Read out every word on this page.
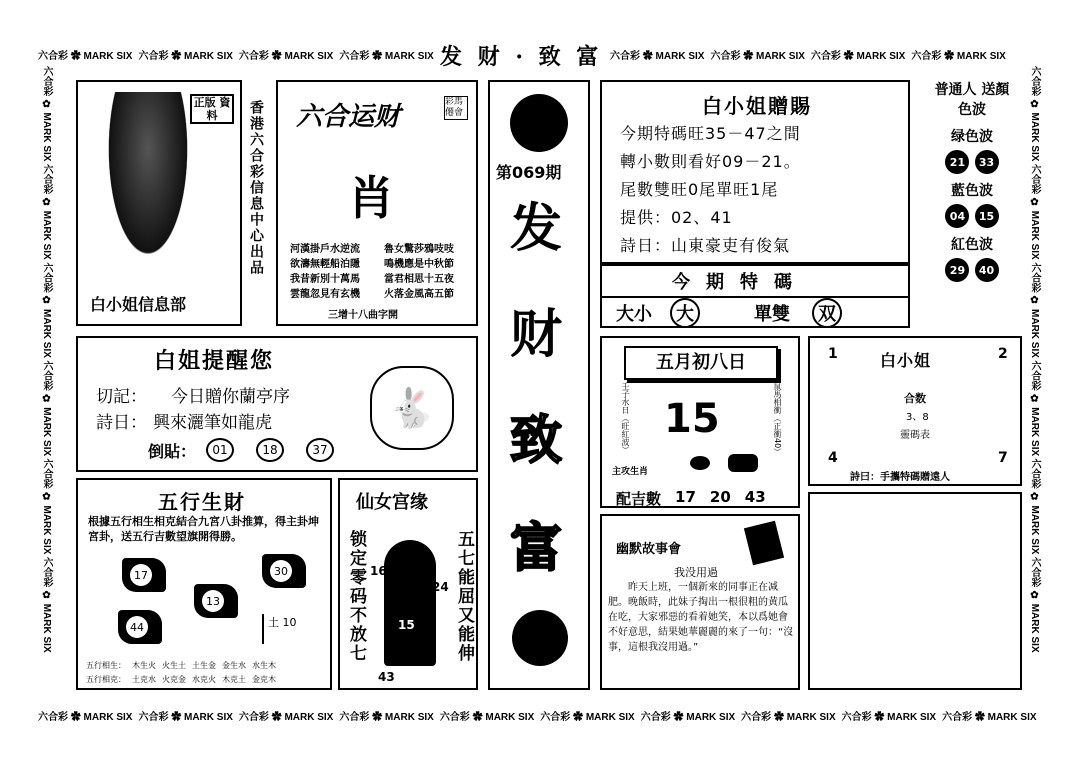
六合彩 ✿ MARK SIX 六合彩 ✿ MARK SIX 六合彩 ✿ MARK SIX 六合彩 ✿ MARK SIX 发 财 · 致 富 六合彩 ✿ MARK SIX 六合彩 ✿ MARK SIX 六合彩 ✿ MARK SIX 六合彩 ✿ MARK SIX
六合彩 ✿ MARK SIX 六合彩 ✿ MARK SIX 六合彩 ✿ MARK SIX 六合彩 ✿ MARK SIX 六合彩 ✿ MARK SIX 六合彩 ✿ MARK SIX 六合彩 ✿ MARK SIX 六合彩 ✿ MARK SIX 六合彩 ✿ MARK SIX 六合彩 ✿ MARK SIX
六合彩 ✿ MARK SIX 六合彩 ✿ MARK SIX 六合彩 ✿ MARK SIX 六合彩 ✿ MARK SIX 六合彩 ✿ MARK SIX 六合彩 ✿ MARK SIX
六合彩 ✿ MARK SIX 六合彩 ✿ MARK SIX 六合彩 ✿ MARK SIX 六合彩 ✿ MARK SIX 六合彩 ✿ MARK SIX 六合彩 ✿ MARK SIX
正版 資料
白小姐信息部
香港六合彩信息中心出品 六合运财	彩馬 僊會
肖
河漢掛戶水逆流
欲濤無輕船泊隱
我昔新別十萬馬
雲龍忽見有玄機
魯女驚莎鴉吱吱
鳴機應是中秋節
當君相思十五夜
火落金風高五節
三增十八曲字開
第069期
发
财
致
富
白小姐贈賜
今期特碼旺35－47之間
轉小數則看好09－21。
尾數雙旺0尾單旺1尾
提供：02、41
詩日：山東豪吏有俊氣
今期特碼
大小	大	單雙	双
普通人 送顏色波
绿色波
21 33
藍色波
04 15
紅色波
29 40
白姐提醒您
切記： 今日贈你蘭亭序
詩日： 興來灑筆如龍虎
倒貼：	01	18	37
🐇
五行生財
根據五行相生相克結合九宮八卦推算，得主卦坤宮卦，送五行吉數望旗開得勝。
17	30
13
44	土 10
五行相生： 木生火 火生土 土生金 金生水 水生木
五行相克： 土克水 火克金 水克火 木克土 金克木
仙女宫缘
锁定零码不放七	五七能屈又能伸
16
24
15
43
五月初八日
壬子水日（旺紅波）	鼠馬相衝（正衝40）
15
主攻生肖
配吉數 17 20 43
白小姐
1	2
4	7
合数
3、8
靈碼表
詩曰：手攜特碼贈遠人
幽默故事會
我没用過
　　昨天上班，一個新來的同事正在减肥。晚飯時，此妹子掏出一根很粗的黄瓜在吃，大家邪惡的看着她笑，本以爲她會不好意思，結果她華麗麗的來了一句：“沒事，這根我沒用過。”
